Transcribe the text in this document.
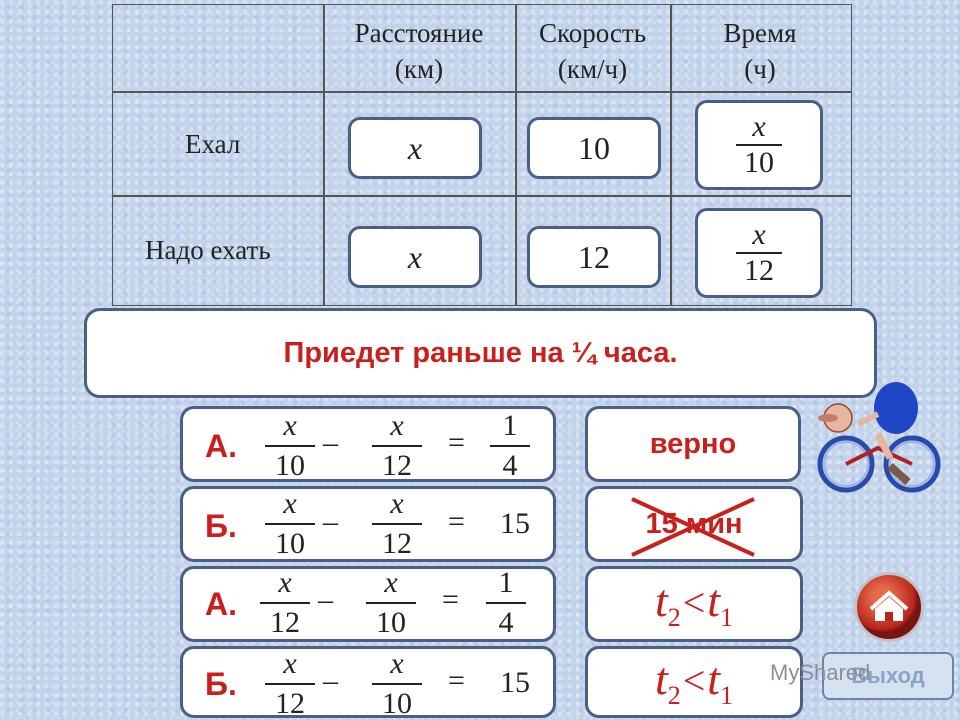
Расстояние
(км)
Скорость
(км/ч)
Время
(ч)
Ехал
Надо ехать
x	10
x
10
x	12
x
12
Приедет раньше на ¼ часа.
А.
x
10
–
x
12
=
1
4
Б.
x
10
–
x
12
= 15
А.
x
12
–
x
10
=
1
4
Б.
x
12
–
x
10
= 15
верно
15 мин
$t_2<t_1$
$t_2<t_1$
Выход
MyShared
